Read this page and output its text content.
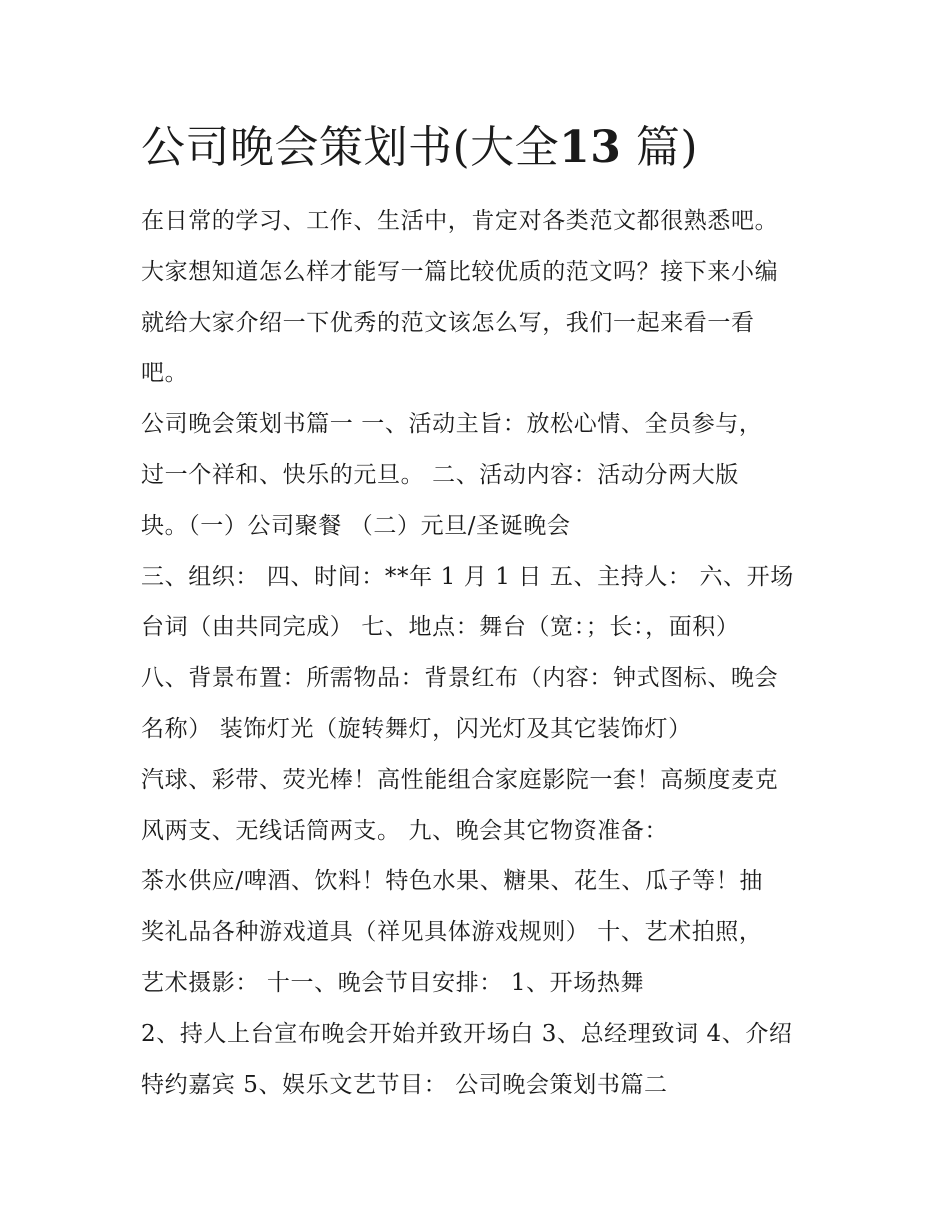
公司晚会策划书(大全13 篇)
在日常的学习、工作、生活中，肯定对各类范文都很熟悉吧。
大家想知道怎么样才能写一篇比较优质的范文吗？接下来小编
就给大家介绍一下优秀的范文该怎么写，我们一起来看一看
吧。
公司晚会策划书篇一 一、活动主旨：放松心情、全员参与，
过一个祥和、快乐的元旦。 二、活动内容：活动分两大版
块。（一）公司聚餐 （二）元旦/圣诞晚会
三、组织： 四、时间：**年 1 月 1 日 五、主持人： 六、开场
台词（由共同完成） 七、地点：舞台（宽：；长：，面积）
八、背景布置：所需物品：背景红布（内容：钟式图标、晚会
名称） 装饰灯光（旋转舞灯，闪光灯及其它装饰灯）
汽球、彩带、荧光棒！高性能组合家庭影院一套！高频度麦克
风两支、无线话筒两支。 九、晚会其它物资准备：
茶水供应/啤酒、饮料！特色水果、糖果、花生、瓜子等！抽
奖礼品各种游戏道具（祥见具体游戏规则） 十、艺术拍照，
艺术摄影： 十一、晚会节目安排： 1、开场热舞
2、持人上台宣布晚会开始并致开场白 3、总经理致词 4、介绍
特约嘉宾 5、娱乐文艺节目： 公司晚会策划书篇二
